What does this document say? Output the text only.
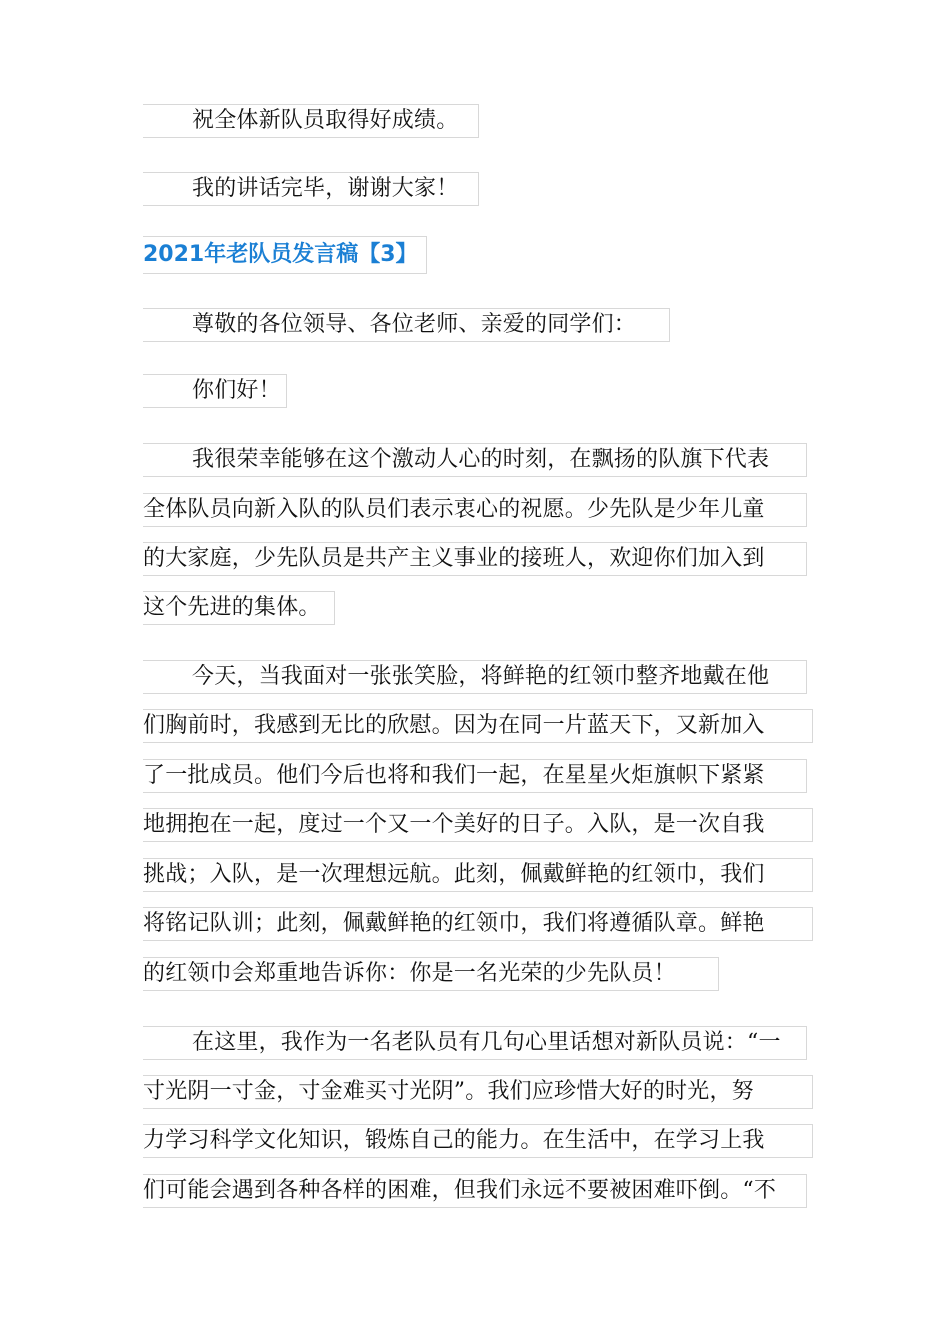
祝全体新队员取得好成绩。
我的讲话完毕，谢谢大家！
2021年老队员发言稿【3】
尊敬的各位领导、各位老师、亲爱的同学们：
你们好！
我很荣幸能够在这个激动人心的时刻，在飘扬的队旗下代表
全体队员向新入队的队员们表示衷心的祝愿。少先队是少年儿童
的大家庭，少先队员是共产主义事业的接班人，欢迎你们加入到
这个先进的集体。
今天，当我面对一张张笑脸，将鲜艳的红领巾整齐地戴在他
们胸前时，我感到无比的欣慰。因为在同一片蓝天下，又新加入
了一批成员。他们今后也将和我们一起，在星星火炬旗帜下紧紧
地拥抱在一起，度过一个又一个美好的日子。入队，是一次自我
挑战；入队，是一次理想远航。此刻，佩戴鲜艳的红领巾，我们
将铭记队训；此刻，佩戴鲜艳的红领巾，我们将遵循队章。鲜艳
的红领巾会郑重地告诉你：你是一名光荣的少先队员！
在这里，我作为一名老队员有几句心里话想对新队员说：“一
寸光阴一寸金，寸金难买寸光阴”。我们应珍惜大好的时光，努
力学习科学文化知识，锻炼自己的能力。在生活中，在学习上我
们可能会遇到各种各样的困难，但我们永远不要被困难吓倒。“不
